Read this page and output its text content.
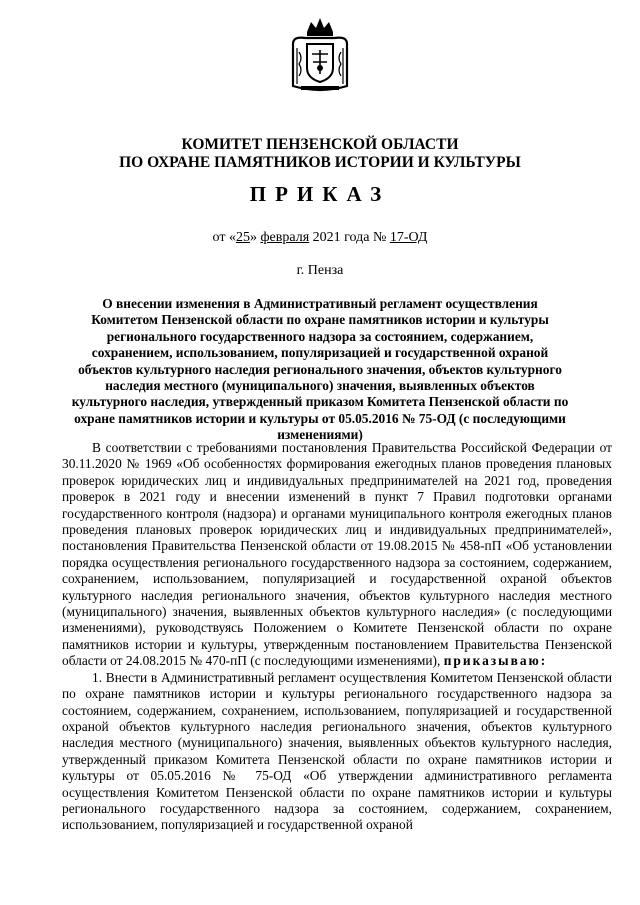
КОМИТЕТ ПЕНЗЕНСКОЙ ОБЛАСТИ
ПО ОХРАНЕ ПАМЯТНИКОВ ИСТОРИИ И КУЛЬТУРЫ
ПРИКАЗ
от «25» февраля 2021 года № 17-ОД
г. Пенза
О внесении изменения в Административный регламент осуществления Комитетом Пензенской области по охране памятников истории и культуры регионального государственного надзора за состоянием, содержанием, сохранением, использованием, популяризацией и государственной охраной объектов культурного наследия регионального значения, объектов культурного наследия местного (муниципального) значения, выявленных объектов культурного наследия, утвержденный приказом Комитета Пензенской области по охране памятников истории и культуры от 05.05.2016 № 75-ОД (с последующими изменениями)

В соответствии с требованиями постановления Правительства Российской Федерации от 30.11.2020 № 1969 «Об особенностях формирования ежегодных планов проведения плановых проверок юридических лиц и индивидуальных предпринимателей на 2021 год, проведения проверок в 2021 году и внесении изменений в пункт 7 Правил подготовки органами государственного контроля (надзора) и органами муниципального контроля ежегодных планов проведения плановых проверок юридических лиц и индивидуальных предпринимателей», постановления Правительства Пензенской области от 19.08.2015 № 458-пП «Об установлении порядка осуществления регионального государственного надзора за состоянием, содержанием, сохранением, использованием, популяризацией и государственной охраной объектов культурного наследия регионального значения, объектов культурного наследия местного (муниципального) значения, выявленных объектов культурного наследия» (с последующими изменениями), руководствуясь Положением о Комитете Пензенской области по охране памятников истории и культуры, утвержденным постановлением Правительства Пензенской области от 24.08.2015 № 470-пП (с последующими изменениями), приказываю:

1. Внести в Административный регламент осуществления Комитетом Пензенской области по охране памятников истории и культуры регионального государственного надзора за состоянием, содержанием, сохранением, использованием, популяризацией и государственной охраной объектов культурного наследия регионального значения, объектов культурного наследия местного (муниципального) значения, выявленных объектов культурного наследия, утвержденный приказом Комитета Пензенской области по охране памятников истории и культуры от 05.05.2016 № 75-ОД «Об утверждении административного регламента осуществления Комитетом Пензенской области по охране памятников истории и культуры регионального государственного надзора за состоянием, содержанием, сохранением, использованием, популяризацией и государственной охраной
